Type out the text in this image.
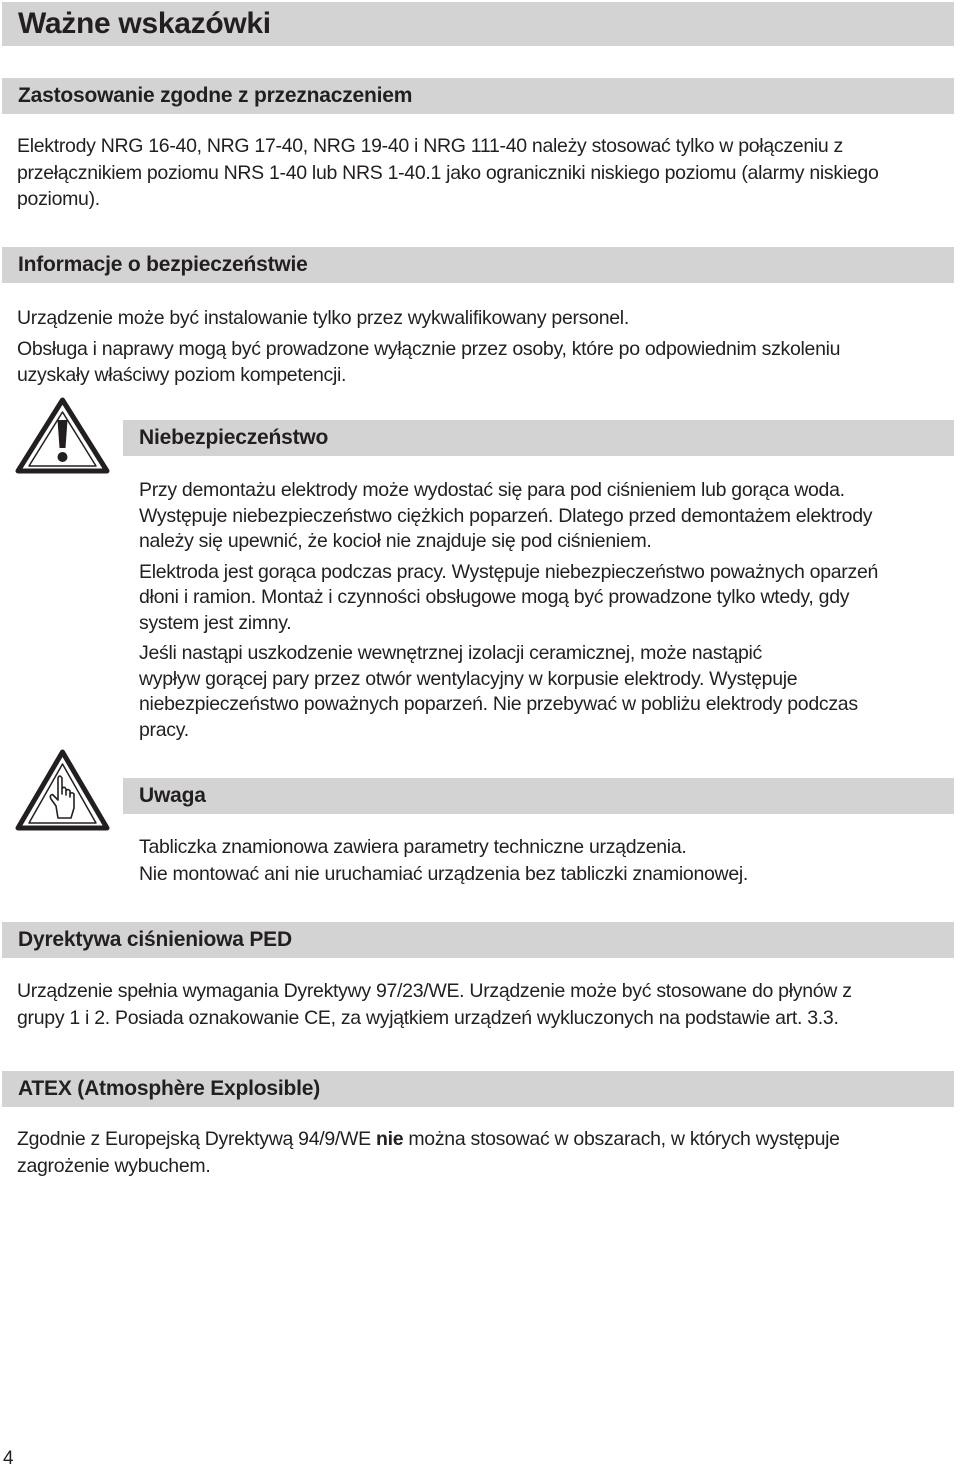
Ważne wskazówki
Zastosowanie zgodne z przeznaczeniem

Elektrody NRG 16-40, NRG 17-40, NRG 19-40 i NRG 111-40 należy stosować tylko w połączeniu z

przełącznikiem poziomu NRS 1-40 lub NRS 1-40.1 jako ograniczniki niskiego poziomu (alarmy niskiego

poziomu).

Informacje o bezpieczeństwie

Urządzenie może być instalowanie tylko przez wykwalifikowany personel.

Obsługa i naprawy mogą być prowadzone wyłącznie przez osoby, które po odpowiednim szkoleniu

uzyskały właściwy poziom kompetencji.

Niebezpieczeństwo

Przy demontażu elektrody może wydostać się para pod ciśnieniem lub gorąca woda.

Występuje niebezpieczeństwo ciężkich poparzeń. Dlatego przed demontażem elektrody

należy się upewnić, że kocioł nie znajduje się pod ciśnieniem.

Elektroda jest gorąca podczas pracy. Występuje niebezpieczeństwo poważnych oparzeń

dłoni i ramion. Montaż i czynności obsługowe mogą być prowadzone tylko wtedy, gdy

system jest zimny.

Jeśli nastąpi uszkodzenie wewnętrznej izolacji ceramicznej, może nastąpić

wypływ gorącej pary przez otwór wentylacyjny w korpusie elektrody. Występuje

niebezpieczeństwo poważnych poparzeń. Nie przebywać w pobliżu elektrody podczas

pracy.

Uwaga

Tabliczka znamionowa zawiera parametry techniczne urządzenia.

Nie montować ani nie uruchamiać urządzenia bez tabliczki znamionowej.

Dyrektywa ciśnieniowa PED

Urządzenie spełnia wymagania Dyrektywy 97/23/WE. Urządzenie może być stosowane do płynów z

grupy 1 i 2. Posiada oznakowanie CE, za wyjątkiem urządzeń wykluczonych na podstawie art. 3.3.

ATEX (Atmosphère Explosible)

Zgodnie z Europejską Dyrektywą 94/9/WE nie można stosować w obszarach, w których występuje

zagrożenie wybuchem.

4
